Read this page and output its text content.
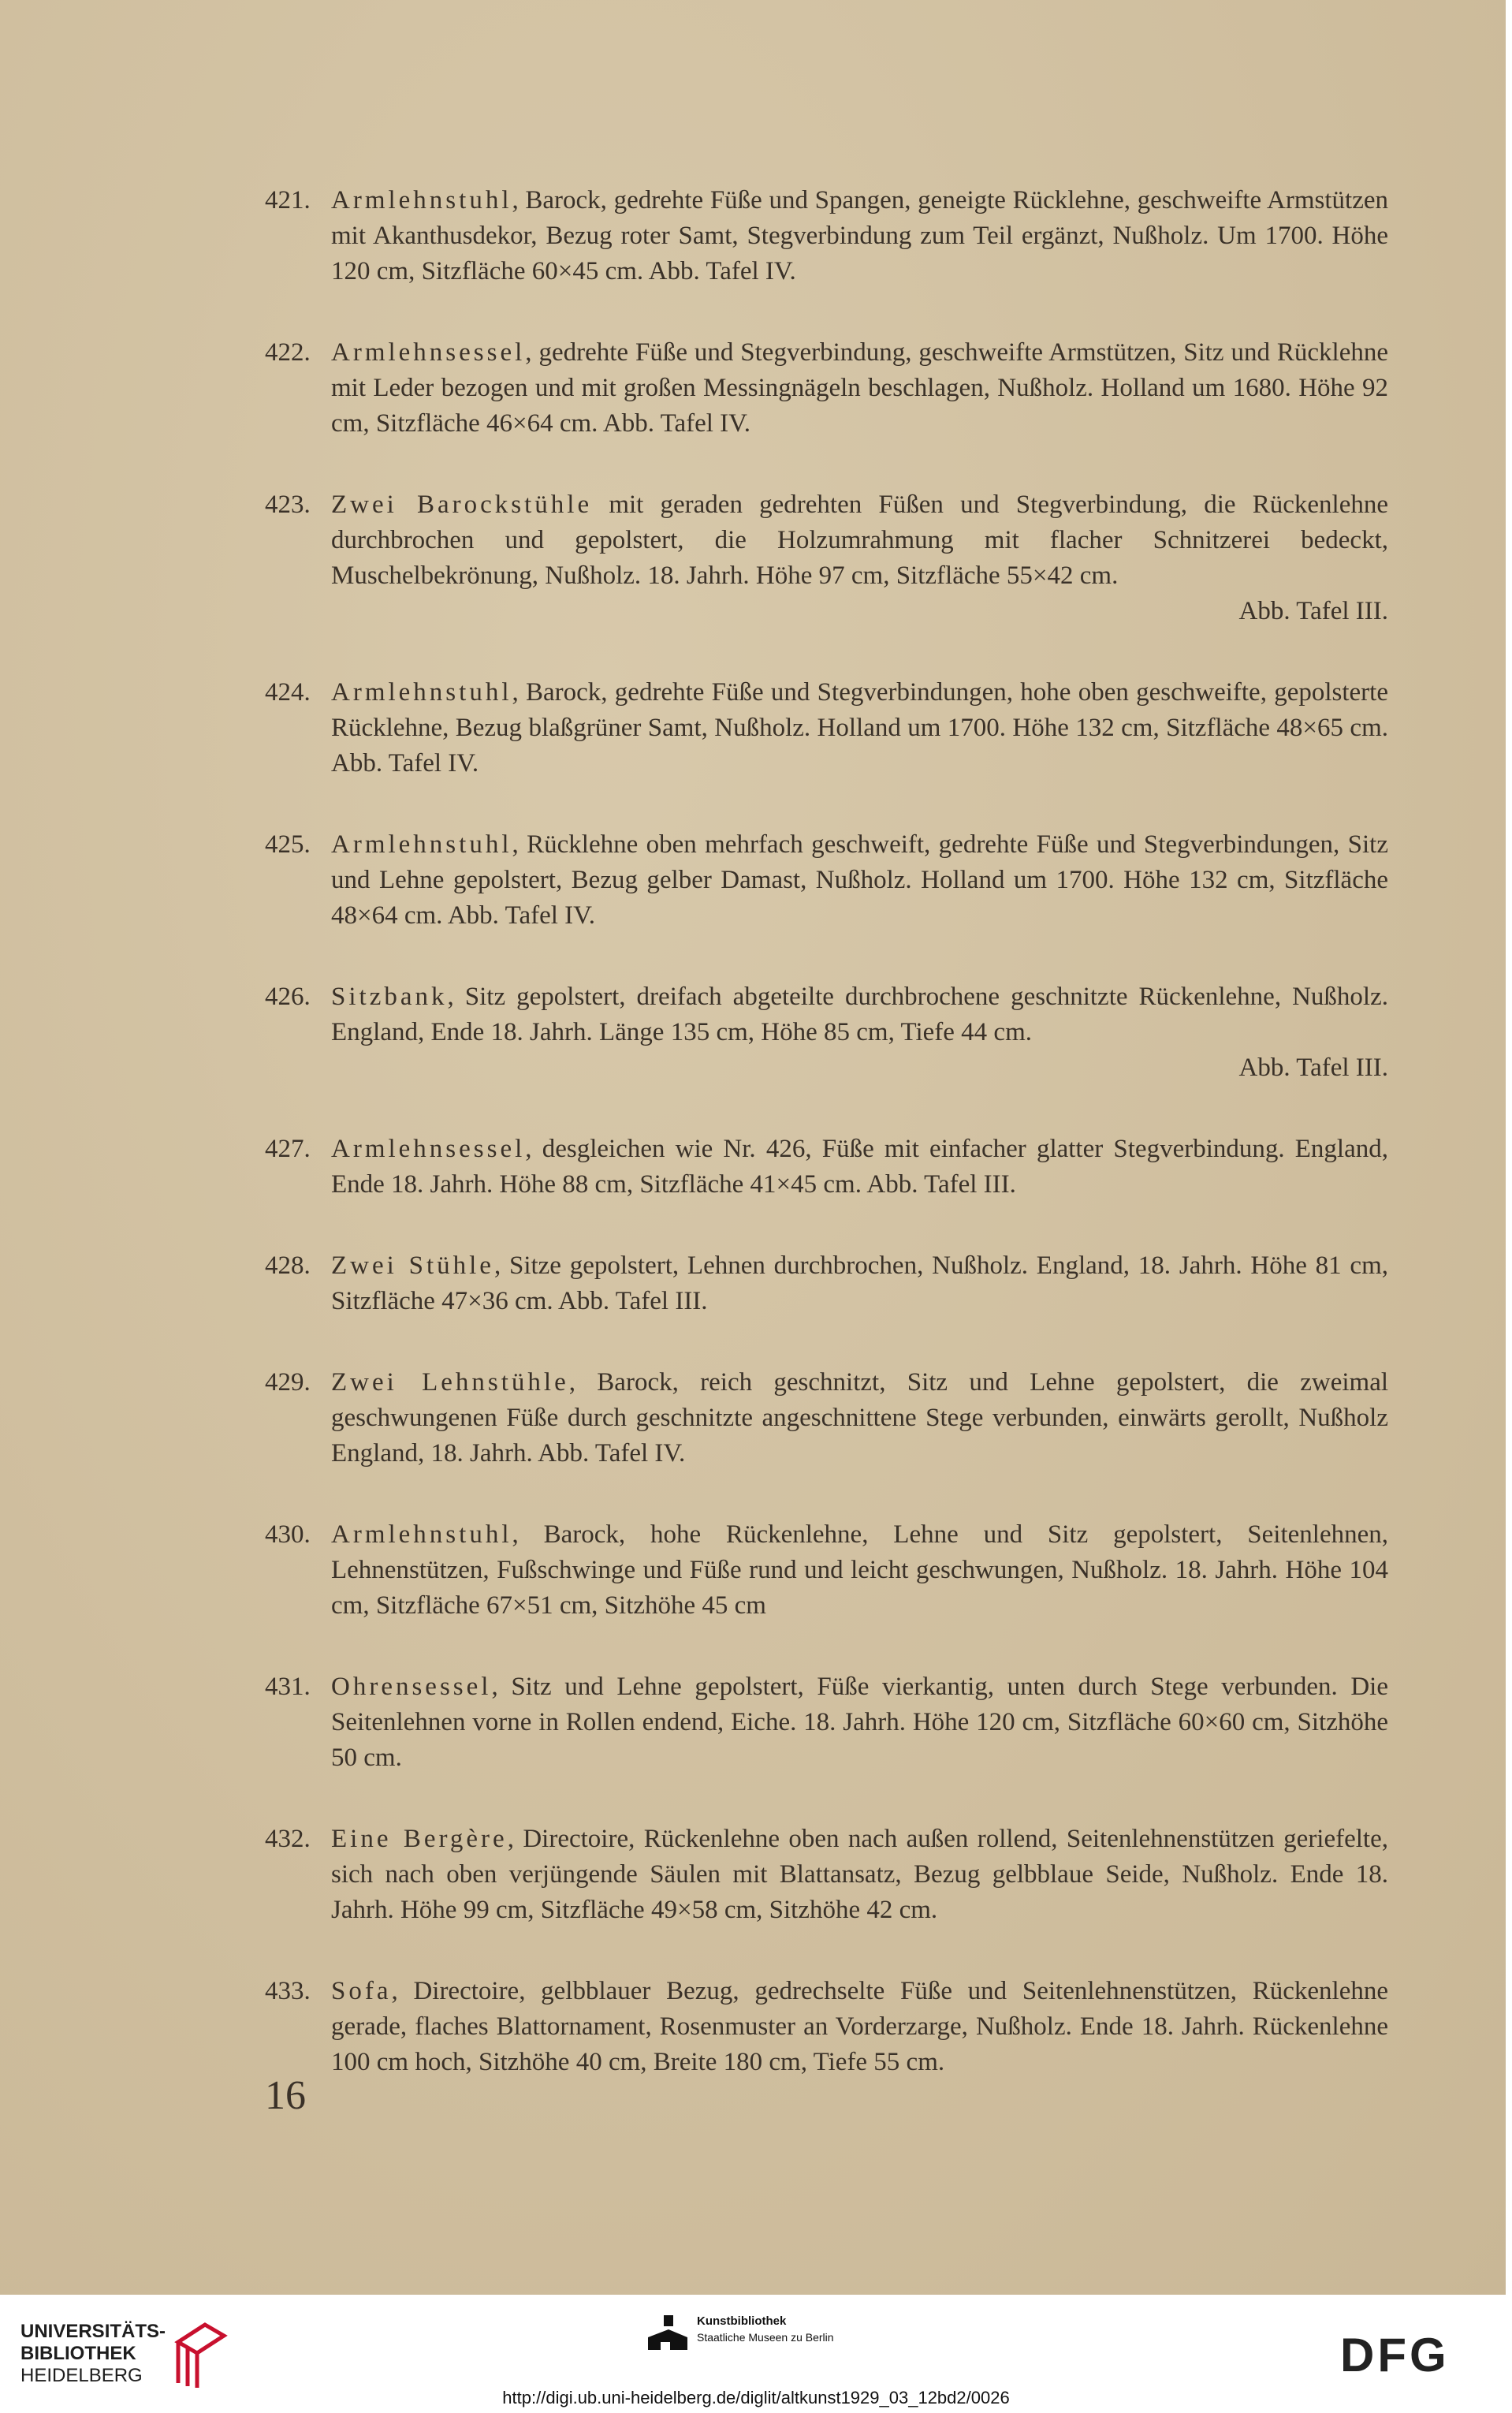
421. Armlehnstuhl, Barock, gedrehte Füße und Spangen, geneigte Rücklehne, geschweifte Armstützen mit Akanthusdekor, Bezug roter Samt, Stegverbindung zum Teil ergänzt, Nußholz. Um 1700. Höhe 120 cm, Sitzfläche 60×45 cm. Abb. Tafel IV.
422. Armlehnsessel, gedrehte Füße und Stegverbindung, geschweifte Armstützen, Sitz und Rücklehne mit Leder bezogen und mit großen Messingnägeln beschlagen, Nußholz. Holland um 1680. Höhe 92 cm, Sitzfläche 46×64 cm. Abb. Tafel IV.
423. Zwei Barockstühle mit geraden gedrehten Füßen und Stegverbindung, die Rückenlehne durchbrochen und gepolstert, die Holzumrahmung mit flacher Schnitzerei bedeckt, Muschelbekrönung, Nußholz. 18. Jahrh. Höhe 97 cm, Sitzfläche 55×42 cm.
Abb. Tafel III.
424. Armlehnstuhl, Barock, gedrehte Füße und Stegverbindungen, hohe oben geschweifte, gepolsterte Rücklehne, Bezug blaßgrüner Samt, Nußholz. Holland um 1700. Höhe 132 cm, Sitzfläche 48×65 cm. Abb. Tafel IV.
425. Armlehnstuhl, Rücklehne oben mehrfach geschweift, gedrehte Füße und Stegverbindungen, Sitz und Lehne gepolstert, Bezug gelber Damast, Nußholz. Holland um 1700. Höhe 132 cm, Sitzfläche 48×64 cm. Abb. Tafel IV.
426. Sitzbank, Sitz gepolstert, dreifach abgeteilte durchbrochene geschnitzte Rückenlehne, Nußholz. England, Ende 18. Jahrh. Länge 135 cm, Höhe 85 cm, Tiefe 44 cm.
Abb. Tafel III.
427. Armlehnsessel, desgleichen wie Nr. 426, Füße mit einfacher glatter Stegverbindung. England, Ende 18. Jahrh. Höhe 88 cm, Sitzfläche 41×45 cm. Abb. Tafel III.
428. Zwei Stühle, Sitze gepolstert, Lehnen durchbrochen, Nußholz. England, 18. Jahrh. Höhe 81 cm, Sitzfläche 47×36 cm. Abb. Tafel III.
429. Zwei Lehnstühle, Barock, reich geschnitzt, Sitz und Lehne gepolstert, die zweimal geschwungenen Füße durch geschnitzte angeschnittene Stege verbunden, einwärts gerollt, Nußholz England, 18. Jahrh. Abb. Tafel IV.
430. Armlehnstuhl, Barock, hohe Rückenlehne, Lehne und Sitz gepolstert, Seitenlehnen, Lehnenstützen, Fußschwinge und Füße rund und leicht geschwungen, Nußholz. 18. Jahrh. Höhe 104 cm, Sitzfläche 67×51 cm, Sitzhöhe 45 cm
431. Ohrensessel, Sitz und Lehne gepolstert, Füße vierkantig, unten durch Stege verbunden. Die Seitenlehnen vorne in Rollen endend, Eiche. 18. Jahrh. Höhe 120 cm, Sitzfläche 60×60 cm, Sitzhöhe 50 cm.
432. Eine Bergère, Directoire, Rückenlehne oben nach außen rollend, Seitenlehnenstützen geriefelte, sich nach oben verjüngende Säulen mit Blattansatz, Bezug gelbblaue Seide, Nußholz. Ende 18. Jahrh. Höhe 99 cm, Sitzfläche 49×58 cm, Sitzhöhe 42 cm.
433. Sofa, Directoire, gelbblauer Bezug, gedrechselte Füße und Seitenlehnenstützen, Rückenlehne gerade, flaches Blattornament, Rosenmuster an Vorderzarge, Nußholz. Ende 18. Jahrh. Rückenlehne 100 cm hoch, Sitzhöhe 40 cm, Breite 180 cm, Tiefe 55 cm.
16
UNIVERSITÄTS-
BIBLIOTHEK
HEIDELBERG
Kunstbibliothek
Staatliche Museen zu Berlin	DFG
http://digi.ub.uni-heidelberg.de/diglit/altkunst1929_03_12bd2/0026
